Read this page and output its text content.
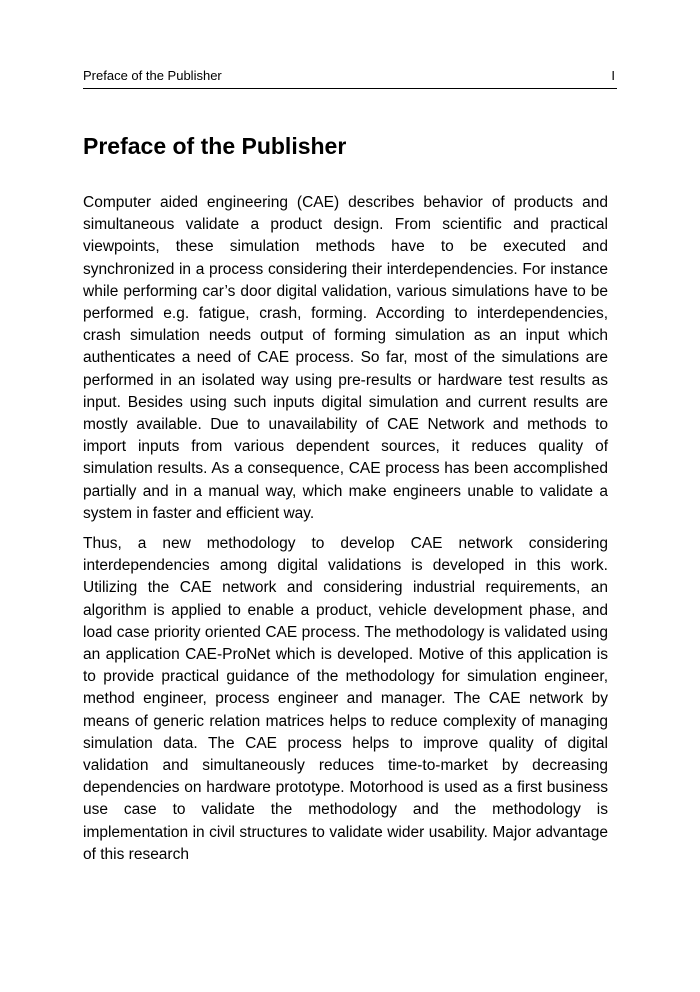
Preface of the Publisher	I
Preface of the Publisher

Computer aided engineering (CAE) describes behavior of products and simultaneous validate a product design. From scientific and practical viewpoints, these simulation methods have to be executed and synchronized in a process considering their interdependencies. For instance while performing car’s door digital validation, various simulations have to be performed e.g. fatigue, crash, forming. According to interdependencies, crash simulation needs output of forming simulation as an input which authenticates a need of CAE process. So far, most of the simulations are performed in an isolated way using pre-results or hardware test results as input. Besides using such inputs digital simulation and current results are mostly available. Due to unavailability of CAE Network and methods to import inputs from various dependent sources, it reduces quality of simulation results. As a consequence, CAE process has been accomplished partially and in a manual way, which make engineers unable to validate a system in faster and efficient way.

Thus, a new methodology to develop CAE network considering interdependencies among digital validations is developed in this work. Utilizing the CAE network and considering industrial requirements, an algorithm is applied to enable a product, vehicle development phase, and load case priority oriented CAE process. The methodology is validated using an application CAE-ProNet which is developed. Motive of this application is to provide practical guidance of the methodology for simulation engineer, method engineer, process engineer and manager. The CAE network by means of generic relation matrices helps to reduce complexity of managing simulation data. The CAE process helps to improve quality of digital validation and simultaneously reduces time-to-market by decreasing dependencies on hardware prototype. Motorhood is used as a first business use case to validate the methodology and the methodology is implementation in civil structures to validate wider usability. Major advantage of this research
